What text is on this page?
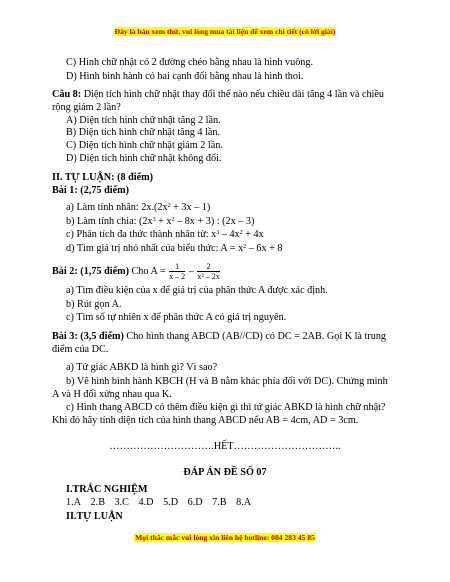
Đây là bản xem thử, vui lòng mua tài liệu để xem chi tiết (có lời giải)
C) Hình chữ nhật có 2 đường chéo bằng nhau là hình vuông.
D) Hình bình hành có hai cạnh đối bằng nhau là hình thoi.
Câu 8: Diện tích hình chữ nhật thay đổi thế nào nếu chiều dài tăng 4 lần và chiều
rộng giảm 2 lần?
A) Diện tích hình chữ nhật tăng 2 lần.
B) Diện tích hình chữ nhật tăng 4 lần.
C) Diện tích hình chữ nhật giảm 2 lần.
D) Diện tích hình chữ nhật không đổi.
II. TỰ LUẬN: (8 điểm)
Bài 1: (2,75 điểm)
a) Làm tính nhân: $2x.(2x^2 + 3x - 1)$
b) Làm tính chia: $(2x^3 + x^2 - 8x + 3)$ : (2x – 3)
c) Phân tích đa thức thành nhân tử: $x^3 - 4x^2 + 4x$
d) Tìm giá trị nhỏ nhất của biểu thức: $A = x^2 - 6x + 8$
Bài 2: (1,75 điểm) Cho $A = \frac{1}{x - 2} - \frac{2}{\text{x² – 2x}}$
a) Tìm điều kiện của x để giá trị của phân thức A được xác định.
b) Rút gọn A.
c) Tìm số tự nhiên x để phân thức A có giá trị nguyên.
Bài 3: (3,5 điểm) Cho hình thang ABCD (AB//CD) có DC = 2AB. Gọi K là trung
điểm của DC.
a) Tứ giác ABKD là hình gì? Vì sao?
b) Vẽ hình bình hành KBCH (H và B nằm khác phía đối với DC). Chứng minh
A và H đối xứng nhau qua K.
c) Hình thang ABCD có thêm điều kiện gì thì tứ giác ABKD là hình chữ nhật?
Khi đó hãy tính diện tích của hình thang ABCD nếu AB = 4cm, AD = 3cm.
………………………….HẾT…………………………..
ĐÁP ÁN ĐỀ SỐ 07
I.TRẮC NGHIỆM
1.A 2.B 3.C 4.D 5.D 6.D 7.B 8.A
II.TỰ LUẬN
Mọi thắc mắc vui lòng xin liên hệ hotline: 084 283 45 85
